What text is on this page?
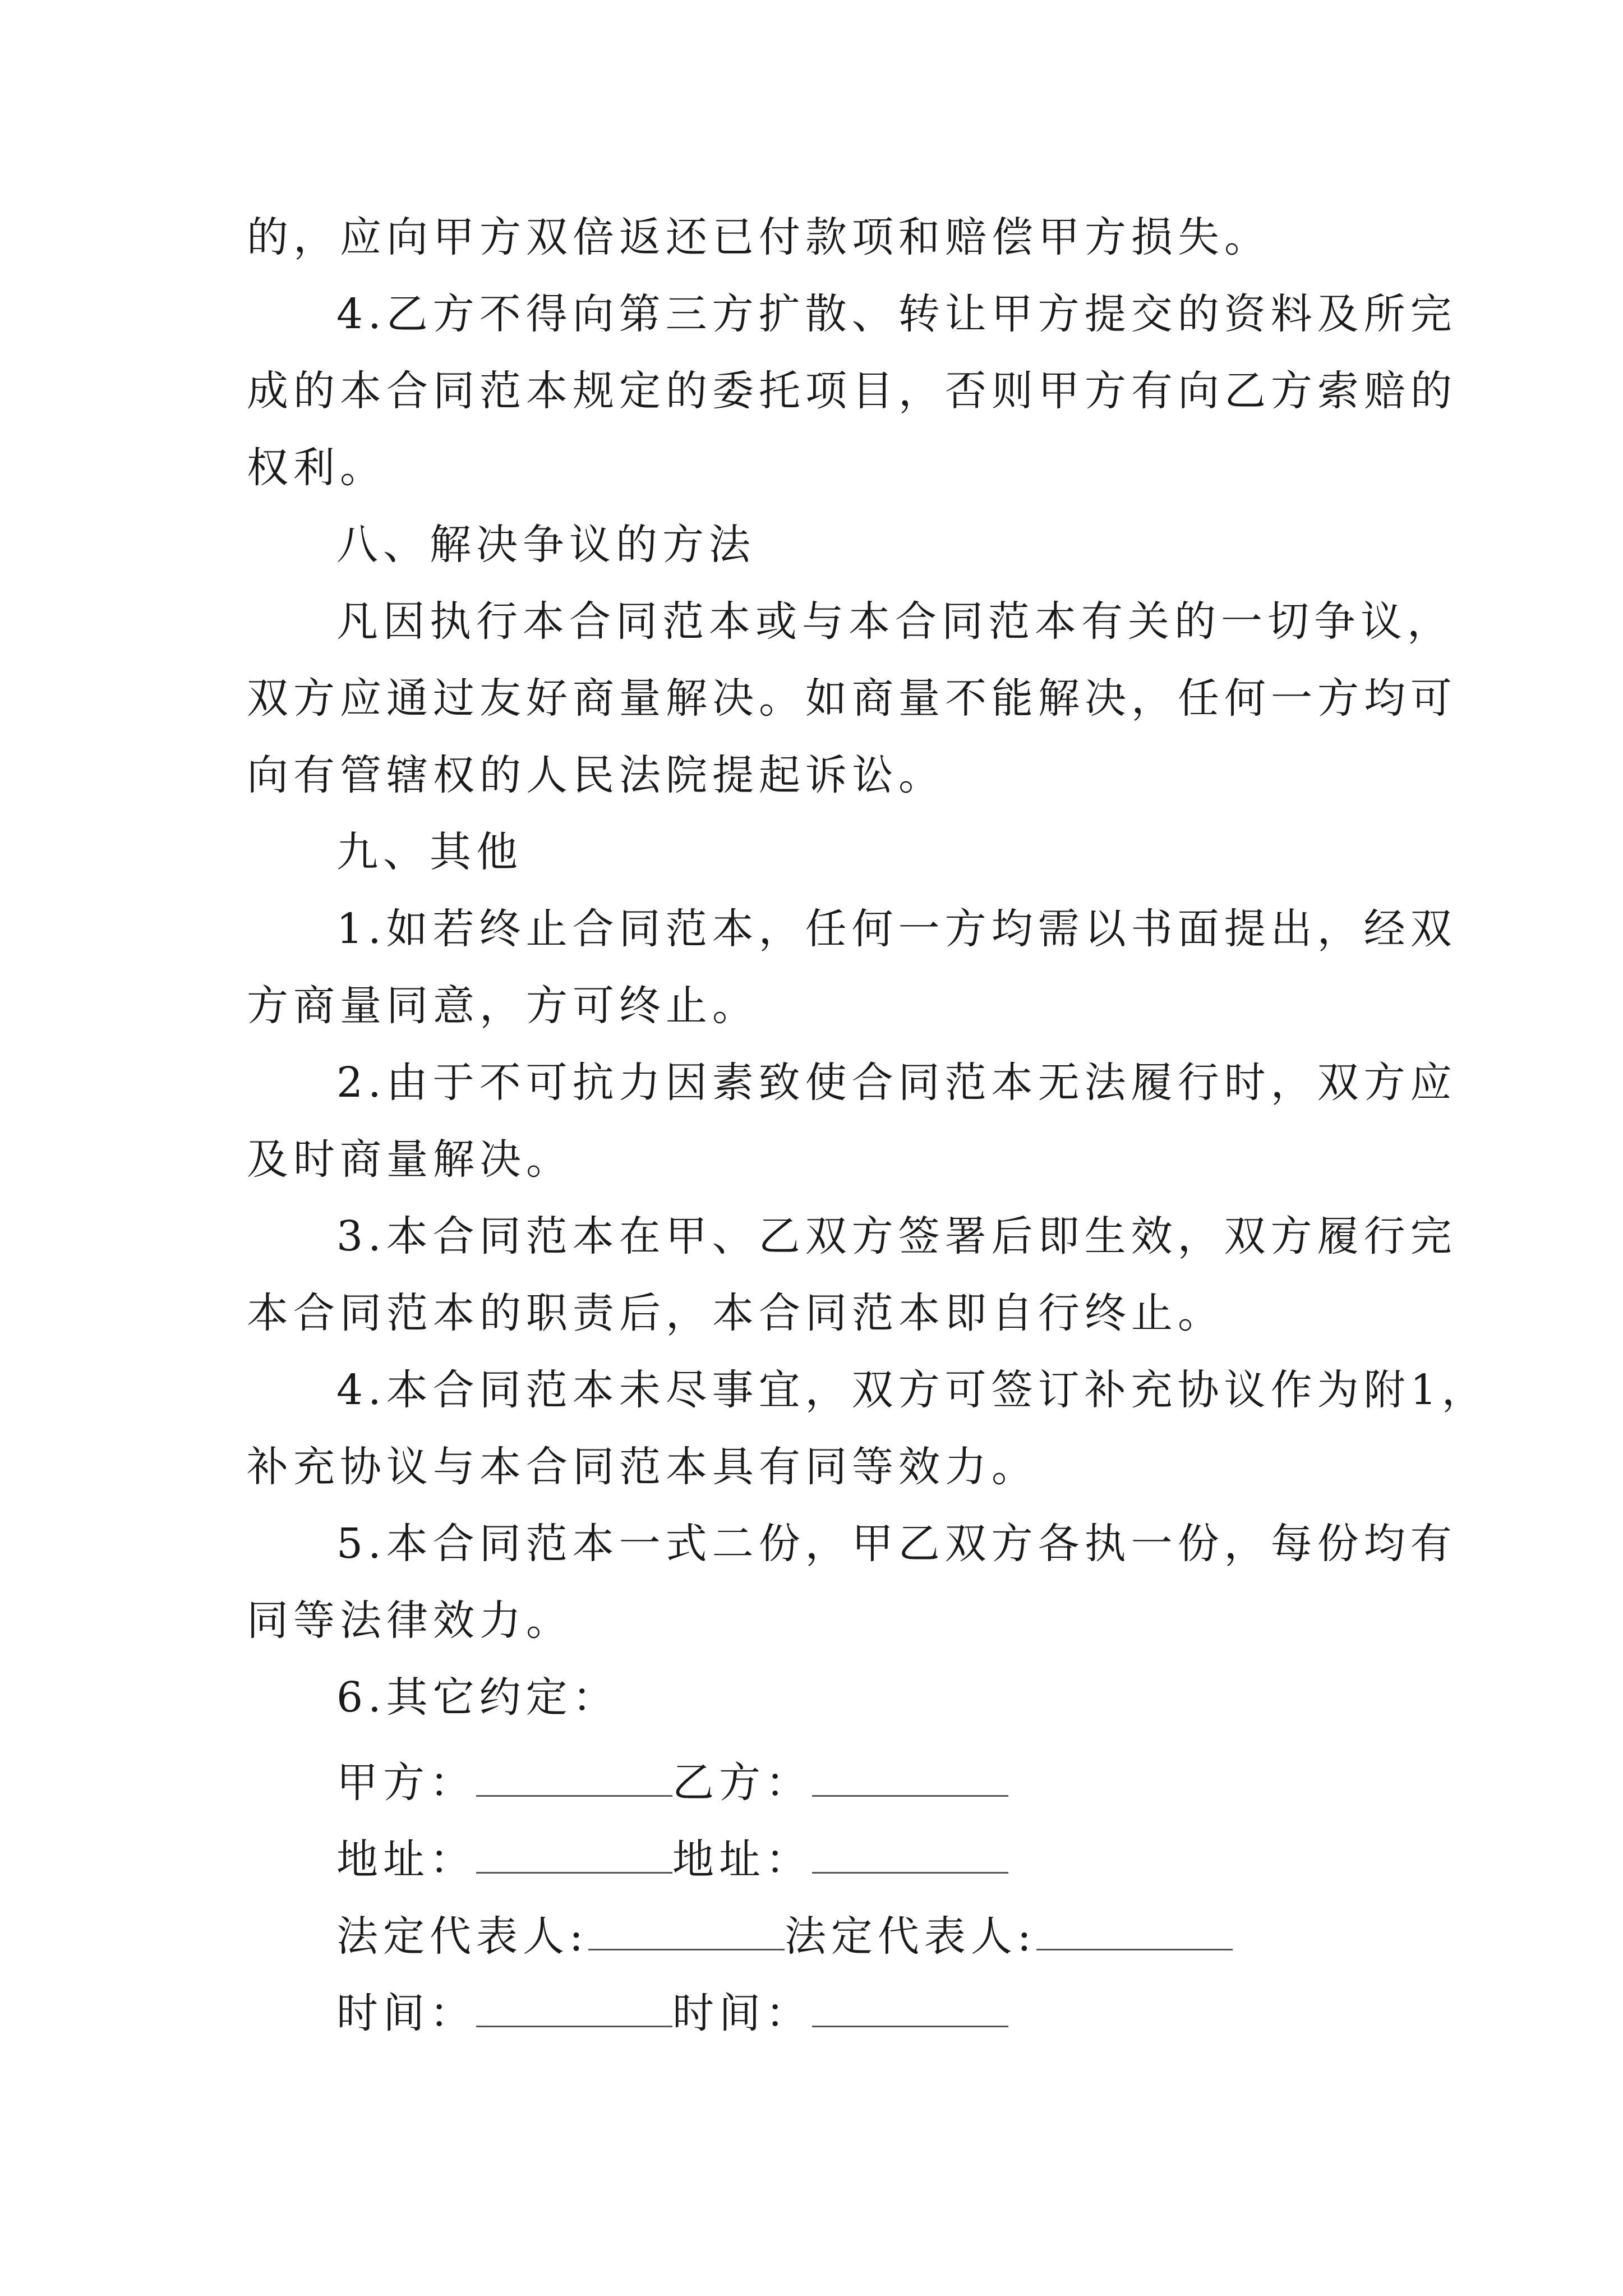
的，应向甲方双倍返还已付款项和赔偿甲方损失。
4.乙方不得向第三方扩散、转让甲方提交的资料及所完
成的本合同范本规定的委托项目，否则甲方有向乙方索赔的
权利。
八、解决争议的方法
凡因执行本合同范本或与本合同范本有关的一切争议，
双方应通过友好商量解决。如商量不能解决，任何一方均可
向有管辖权的人民法院提起诉讼。
九、其他
1.如若终止合同范本，任何一方均需以书面提出，经双
方商量同意，方可终止。
2.由于不可抗力因素致使合同范本无法履行时，双方应
及时商量解决。
3.本合同范本在甲、乙双方签署后即生效，双方履行完
本合同范本的职责后，本合同范本即自行终止。
4.本合同范本未尽事宜，双方可签订补充协议作为附1，
补充协议与本合同范本具有同等效力。
5.本合同范本一式二份，甲乙双方各执一份，每份均有
同等法律效力。
6.其它约定：
甲方：	乙方：
地址：	地址：
法定代表人:	法定代表人:
时间：	时间：
